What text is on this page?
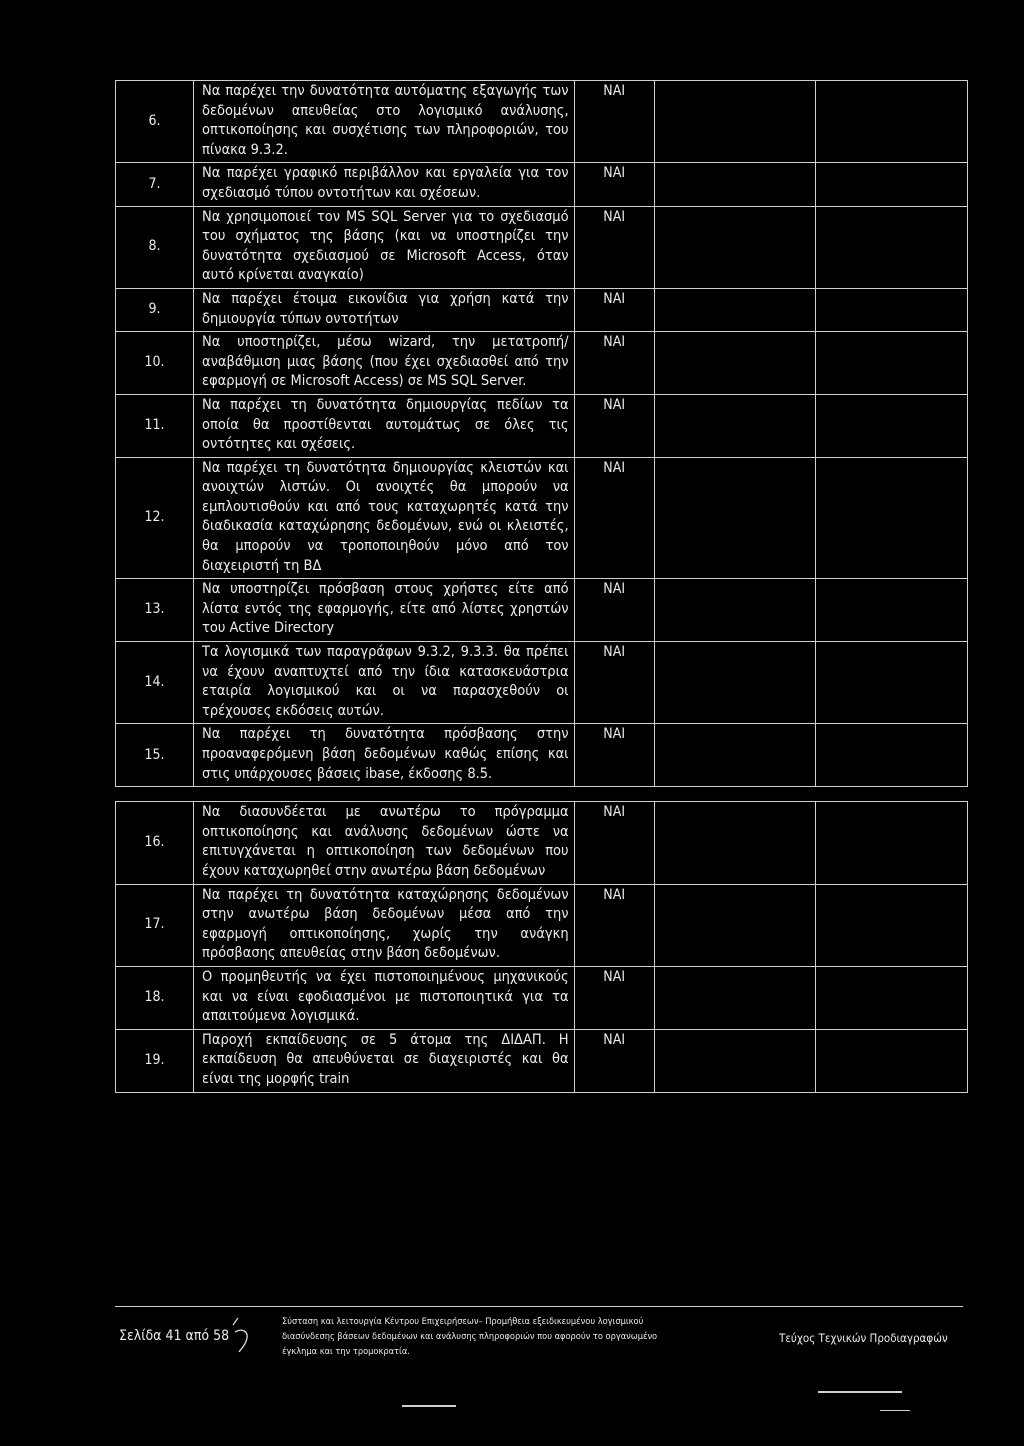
6.	Να παρέχει την δυνατότητα αυτόματης εξαγωγής των δεδομένων απευθείας στο λογισμικό ανάλυσης, οπτικοποίησης και συσχέτισης των πληροφοριών, του πίνακα 9.3.2.	ΝΑΙ		
7.	Να παρέχει γραφικό περιβάλλον και εργαλεία για τον σχεδιασμό τύπου οντοτήτων και σχέσεων.	ΝΑΙ		
8.	Να χρησιμοποιεί τον MS SQL Server για το σχεδιασμό του σχήματος της βάσης (και να υποστηρίζει την δυνατότητα σχεδιασμού σε Microsoft Access, όταν αυτό κρίνεται αναγκαίο)	ΝΑΙ		
9.	Να παρέχει έτοιμα εικονίδια για χρήση κατά την δημιουργία τύπων οντοτήτων	ΝΑΙ		
10.	Να υποστηρίζει, μέσω wizard, την μετατροπή/αναβάθμιση μιας βάσης (που έχει σχεδιασθεί από την εφαρμογή σε Microsoft Access) σε MS SQL Server.	ΝΑΙ		
11.	Να παρέχει τη δυνατότητα δημιουργίας πεδίων τα οποία θα προστίθενται αυτομάτως σε όλες τις οντότητες και σχέσεις.	ΝΑΙ		
12.	Να παρέχει τη δυνατότητα δημιουργίας κλειστών και ανοιχτών λιστών. Οι ανοιχτές θα μπορούν να εμπλουτισθούν και από τους καταχωρητές κατά την διαδικασία καταχώρησης δεδομένων, ενώ οι κλειστές, θα μπορούν να τροποποιηθούν μόνο από τον διαχειριστή τη ΒΔ	ΝΑΙ		
13.	Να υποστηρίζει πρόσβαση στους χρήστες είτε από λίστα εντός της εφαρμογής, είτε από λίστες χρηστών του Active Directory	ΝΑΙ		
14.	Τα λογισμικά των παραγράφων 9.3.2, 9.3.3. θα πρέπει να έχουν αναπτυχτεί από την ίδια κατασκευάστρια εταιρία λογισμικού και οι να παρασχεθούν οι τρέχουσες εκδόσεις αυτών.	ΝΑΙ		
15.	Να παρέχει τη δυνατότητα πρόσβασης στην προαναφερόμενη βάση δεδομένων καθώς επίσης και στις υπάρχουσες βάσεις ibase, έκδοσης 8.5.	ΝΑΙ		

16.	Να διασυνδέεται με ανωτέρω το πρόγραμμα οπτικοποίησης και ανάλυσης δεδομένων ώστε να επιτυγχάνεται η οπτικοποίηση των δεδομένων που έχουν καταχωρηθεί στην ανωτέρω βάση δεδομένων	ΝΑΙ		
17.	Να παρέχει τη δυνατότητα καταχώρησης δεδομένων στην ανωτέρω βάση δεδομένων μέσα από την εφαρμογή οπτικοποίησης, χωρίς την ανάγκη πρόσβασης απευθείας στην βάση δεδομένων.	ΝΑΙ		
18.	Ο προμηθευτής να έχει πιστοποιημένους μηχανικούς και να είναι εφοδιασμένοι με πιστοποιητικά για τα απαιτούμενα λογισμικά.	ΝΑΙ		
19.	Παροχή εκπαίδευσης σε 5 άτομα της ΔΙΔΑΠ. Η εκπαίδευση θα απευθύνεται σε διαχειριστές και θα είναι της μορφής train	ΝΑΙ		
Σελίδα 41 από 58
Σύσταση και λειτουργία Κέντρου Επιχειρήσεων– Προμήθεια εξειδικευμένου λογισμικού
διασύνδεσης βάσεων δεδομένων και ανάλυσης πληροφοριών που αφορούν το οργανωμένο
έγκλημα και την τρομοκρατία.
Τεύχος Τεχνικών Προδιαγραφών
